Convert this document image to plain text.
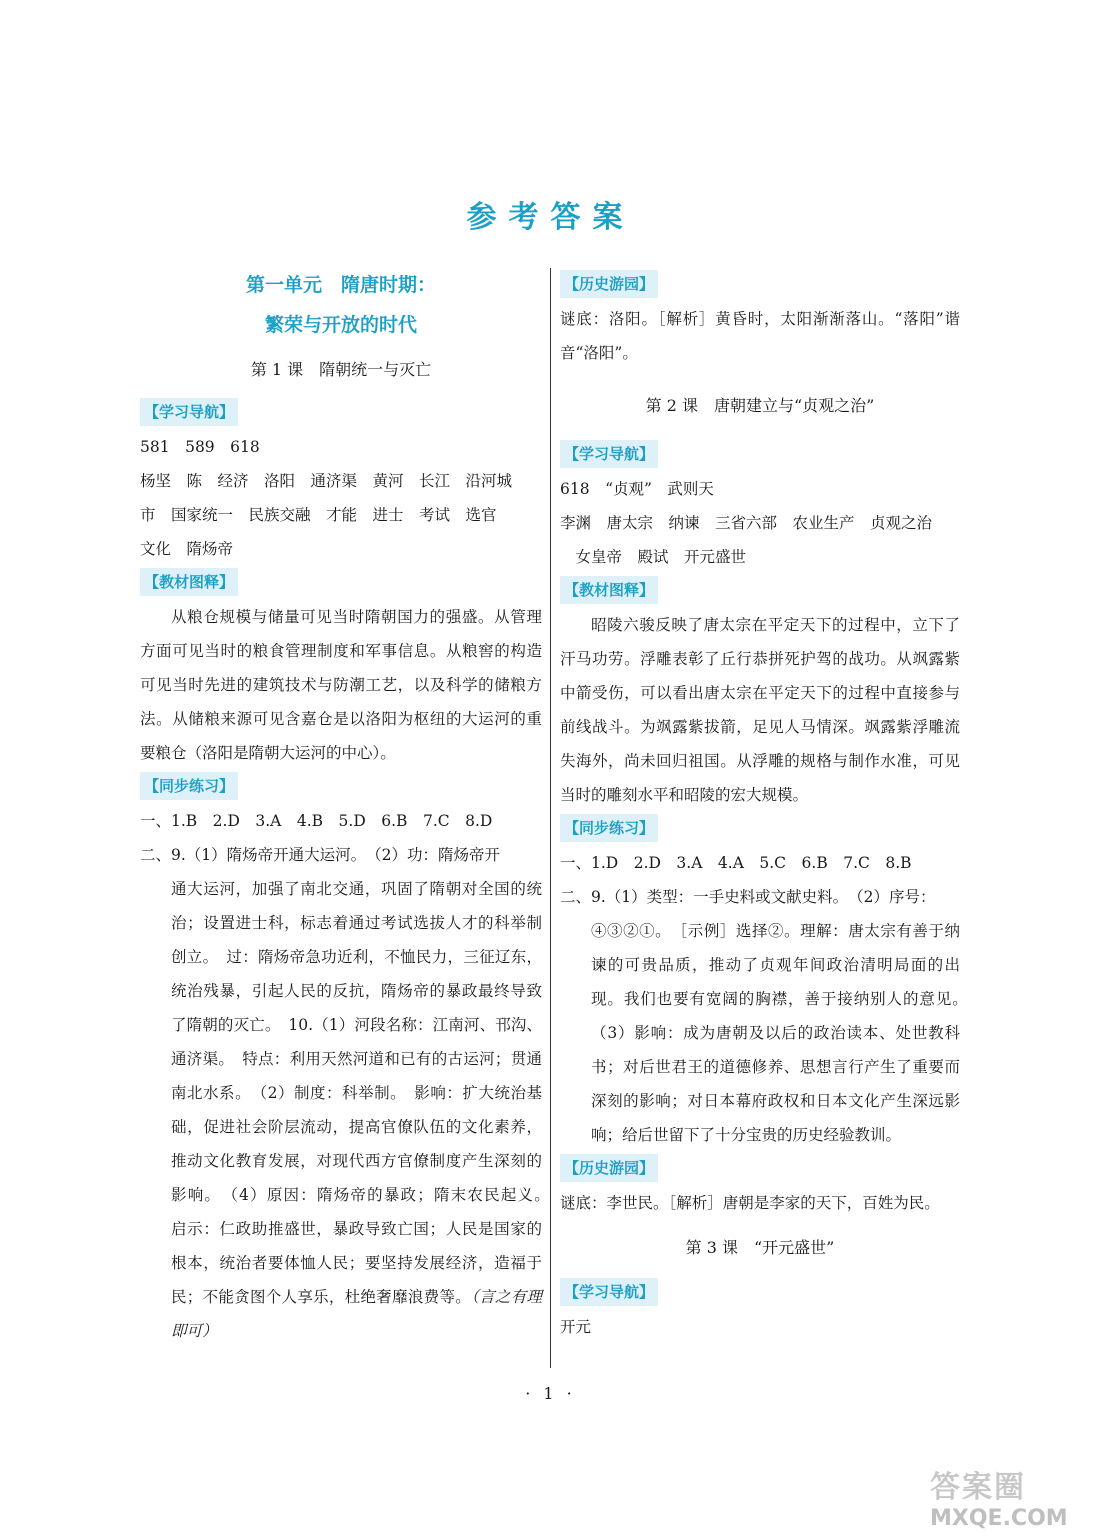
参考答案
第一单元　隋唐时期：
繁荣与开放的时代
第 1 课　隋朝统一与灭亡
【学习导航】
581　589　618
杨坚　陈　经济　洛阳　通济渠　黄河　长江　沿河城
市　国家统一　民族交融　才能　进士　考试　选官
文化　隋炀帝
【教材图释】
从粮仓规模与储量可见当时隋朝国力的强盛。从管理方面可见当时的粮食管理制度和军事信息。从粮窖的构造可见当时先进的建筑技术与防潮工艺，以及科学的储粮方法。从储粮来源可见含嘉仓是以洛阳为枢纽的大运河的重要粮仓（洛阳是隋朝大运河的中心）。
【同步练习】
一、1.B　2.D　3.A　4.B　5.D　6.B　7.C　8.D
二、9.（1）隋炀帝开通大运河。　（2）功：隋炀帝开
通大运河，加强了南北交通，巩固了隋朝对全国的统治；设置进士科，标志着通过考试选拔人才的科举制创立。　过：隋炀帝急功近利，不恤民力，三征辽东，统治残暴，引起人民的反抗，隋炀帝的暴政最终导致了隋朝的灭亡。　10.（1）河段名称：江南河、邗沟、通济渠。　特点：利用天然河道和已有的古运河；贯通南北水系。　（2）制度：科举制。　影响：扩大统治基础，促进社会阶层流动，提高官僚队伍的文化素养，推动文化教育发展，对现代西方官僚制度产生深刻的影响。　（4）原因：隋炀帝的暴政；隋末农民起义。　启示：仁政助推盛世，暴政导致亡国；人民是国家的根本，统治者要体恤人民；要坚持发展经济，造福于民；不能贪图个人享乐，杜绝奢靡浪费等。（言之有理即可）
【历史游园】
谜底：洛阳。［解析］黄昏时，太阳渐渐落山。“落阳”谐音“洛阳”。
第 2 课　唐朝建立与“贞观之治”
【学习导航】
618　“贞观”　武则天
李渊　唐太宗　纳谏　三省六部　农业生产　贞观之治
　女皇帝　殿试　开元盛世
【教材图释】
昭陵六骏反映了唐太宗在平定天下的过程中，立下了汗马功劳。浮雕表彰了丘行恭拼死护驾的战功。从飒露紫中箭受伤，可以看出唐太宗在平定天下的过程中直接参与前线战斗。为飒露紫拔箭，足见人马情深。飒露紫浮雕流失海外，尚未回归祖国。从浮雕的规格与制作水准，可见当时的雕刻水平和昭陵的宏大规模。
【同步练习】
一、1.D　2.D　3.A　4.A　5.C　6.B　7.C　8.B
二、9.（1）类型：一手史料或文献史料。　（2）序号：
④③②①。　［示例］选择②。理解：唐太宗有善于纳谏的可贵品质，推动了贞观年间政治清明局面的出现。我们也要有宽阔的胸襟，善于接纳别人的意见。　（3）影响：成为唐朝及以后的政治读本、处世教科书；对后世君王的道德修养、思想言行产生了重要而深刻的影响；对日本幕府政权和日本文化产生深远影响；给后世留下了十分宝贵的历史经验教训。
【历史游园】
谜底：李世民。［解析］唐朝是李家的天下，百姓为民。
第 3 课　“开元盛世”
【学习导航】
开元
· 1 ·
答案圈
MXQE.COM
